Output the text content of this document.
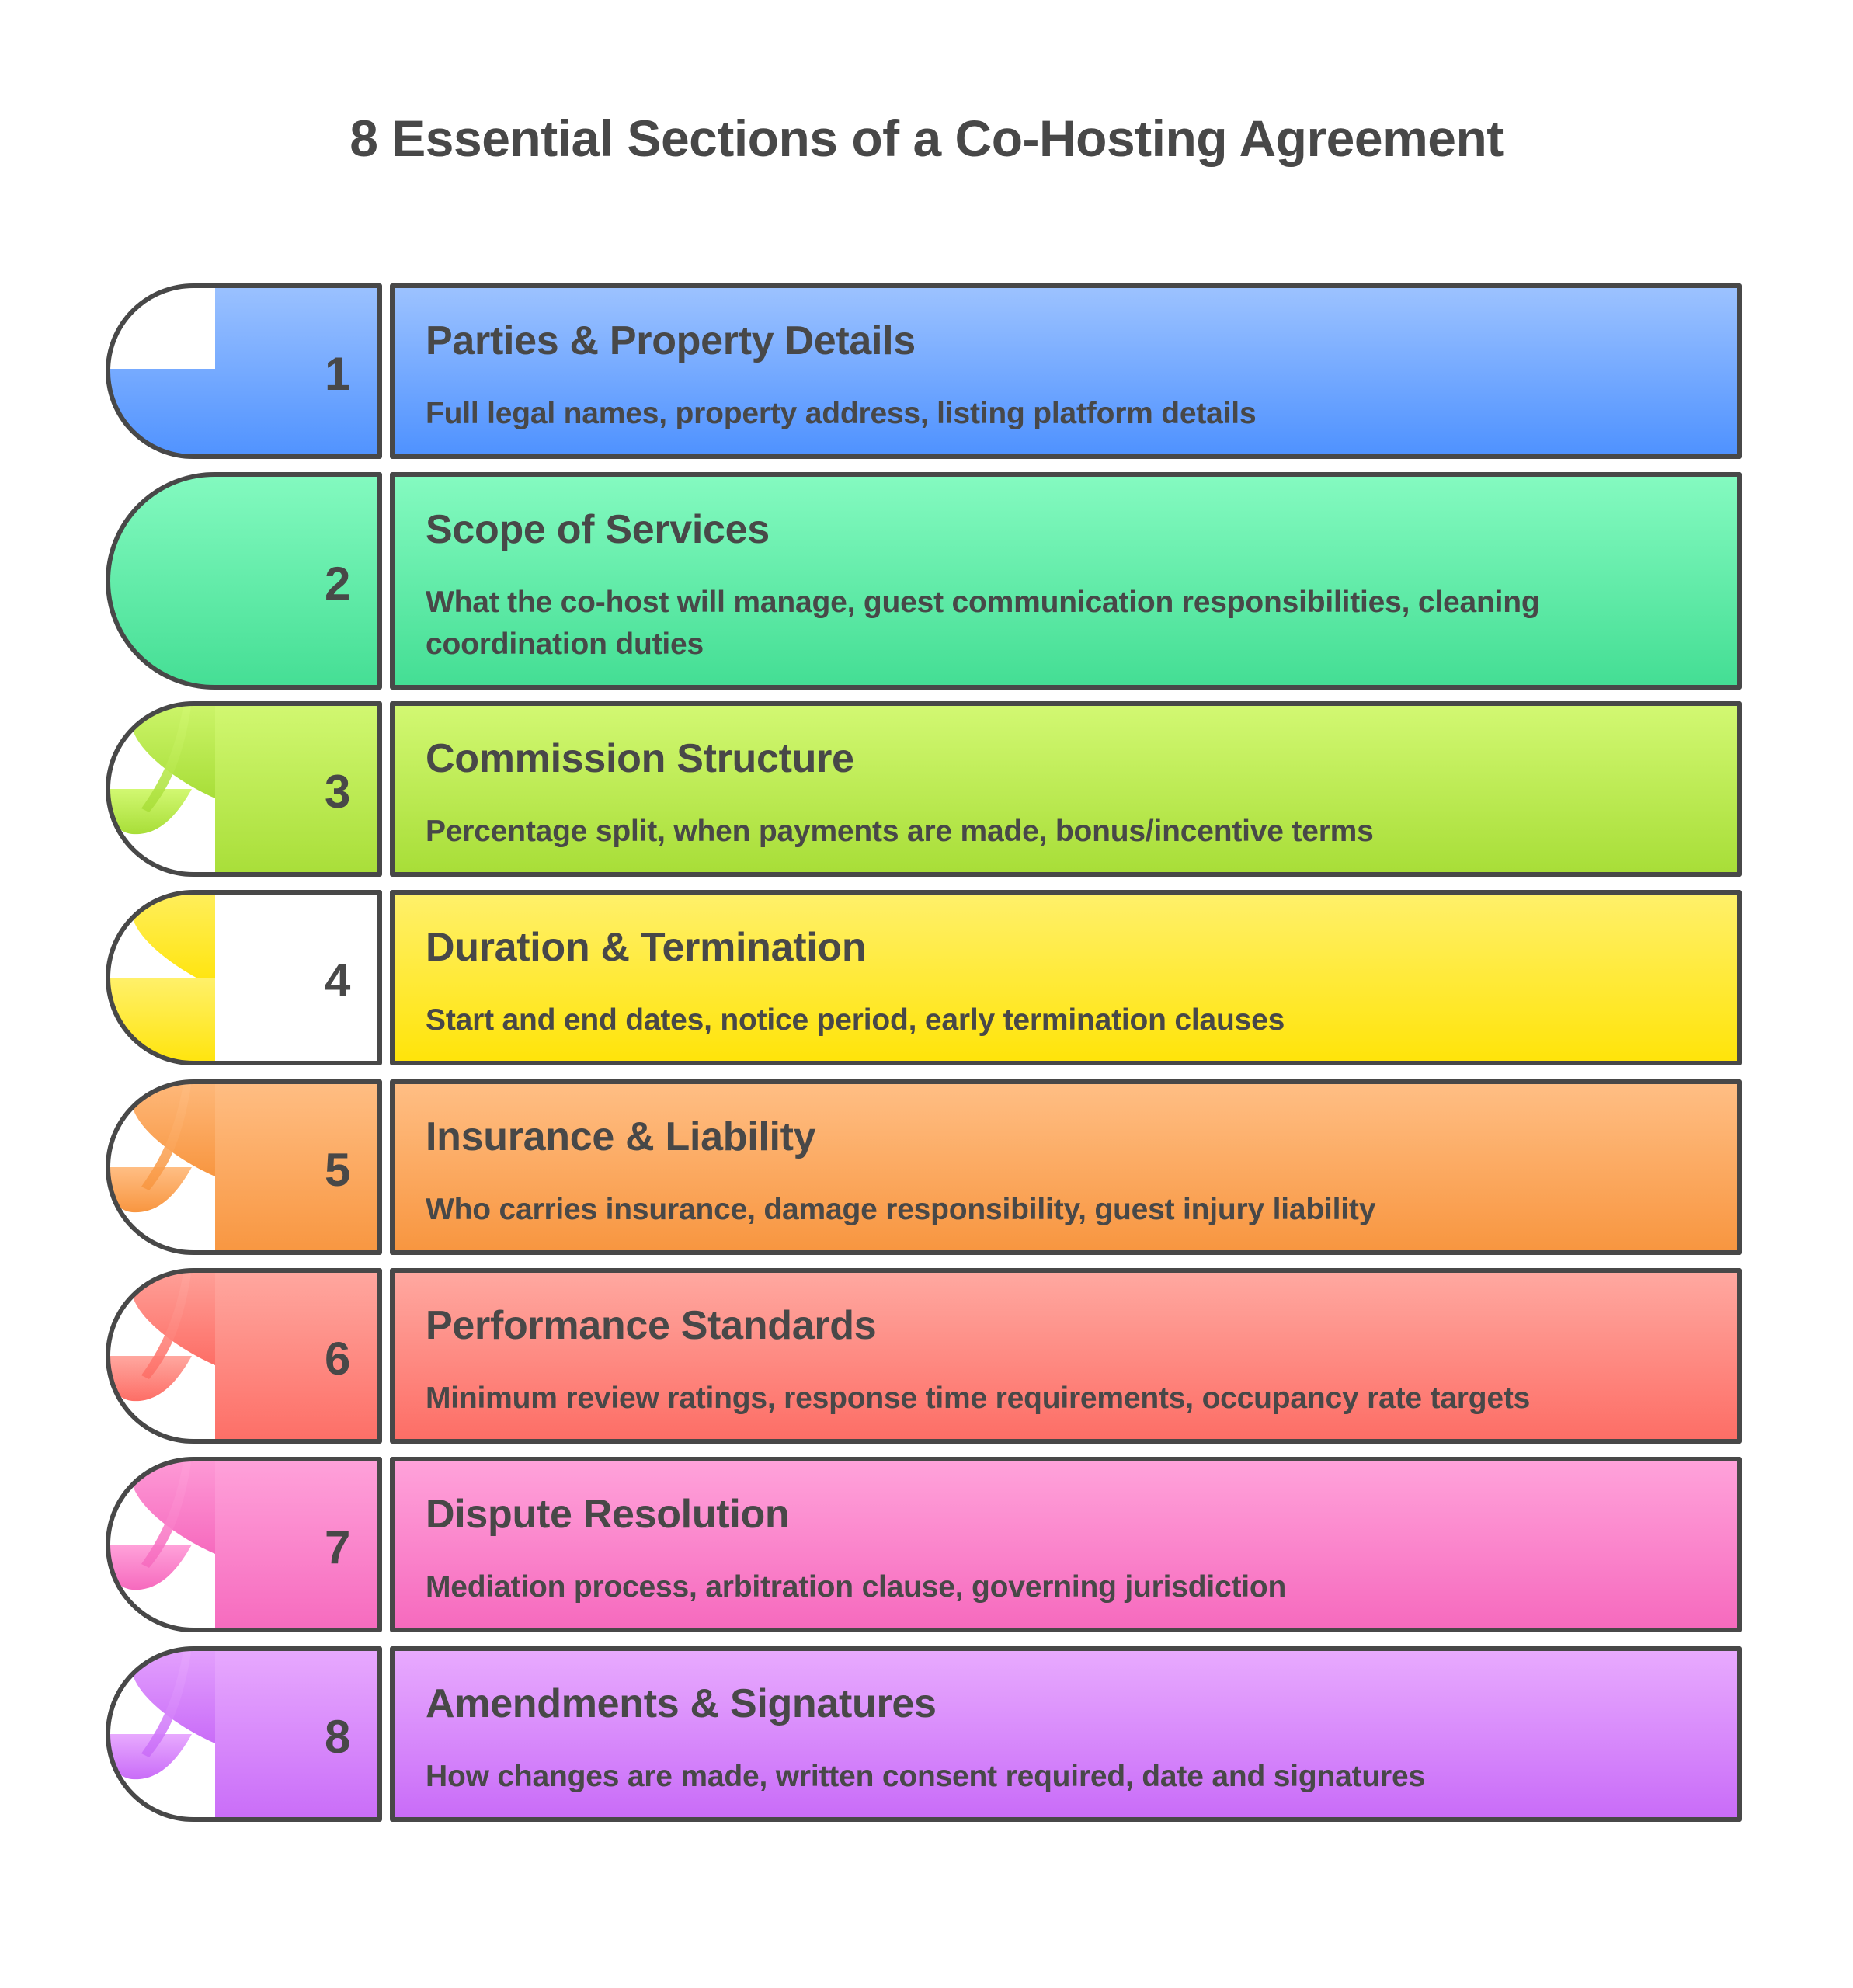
8 Essential Sections of a Co-Hosting Agreement
1
Parties & Property Details
Full legal names, property address, listing platform details
2
Scope of Services
What the co-host will manage, guest communication responsibilities, cleaning coordination duties
3
Commission Structure
Percentage split, when payments are made, bonus/incentive terms
4
Duration & Termination
Start and end dates, notice period, early termination clauses
5
Insurance & Liability
Who carries insurance, damage responsibility, guest injury liability
6
Performance Standards
Minimum review ratings, response time requirements, occupancy rate targets
7
Dispute Resolution
Mediation process, arbitration clause, governing jurisdiction
8
Amendments & Signatures
How changes are made, written consent required, date and signatures
